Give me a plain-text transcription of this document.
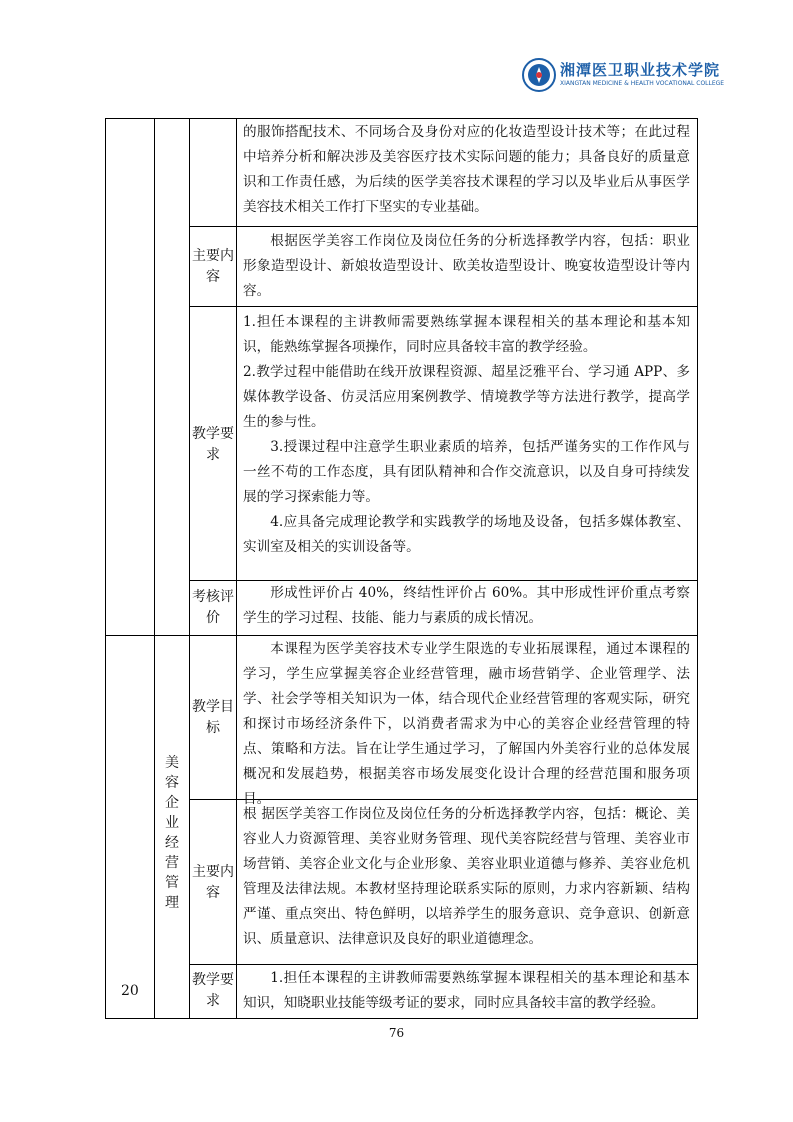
湘潭医卫职业技术学院
XIANGTAN MEDICINE & HEALTH VOCATIONAL COLLEGE

的服饰搭配技术、不同场合及身份对应的化妆造型设计技术等；在此过程中培养分析和解决涉及美容医疗技术实际问题的能力；具备良好的质量意识和工作责任感，为后续的医学美容技术课程的学习以及毕业后从事医学美容技术相关工作打下坚实的专业基础。

主要内容

根据医学美容工作岗位及岗位任务的分析选择教学内容，包括：职业形象造型设计、新娘妆造型设计、欧美妆造型设计、晚宴妆造型设计等内容。

教学要求

1.担任本课程的主讲教师需要熟练掌握本课程相关的基本理论和基本知识，能熟练掌握各项操作，同时应具备较丰富的教学经验。

2.教学过程中能借助在线开放课程资源、超星泛雅平台、学习通 APP、多媒体教学设备、仿灵活应用案例教学、情境教学等方法进行教学，提高学生的参与性。

3.授课过程中注意学生职业素质的培养，包括严谨务实的工作作风与一丝不苟的工作态度，具有团队精神和合作交流意识，以及自身可持续发展的学习探索能力等。

4.应具备完成理论教学和实践教学的场地及设备，包括多媒体教室、实训室及相关的实训设备等。

考核评价

形成性评价占 40%，终结性评价占 60%。其中形成性评价重点考察学生的学习过程、技能、能力与素质的成长情况。

20
美容企业经营管理
教学目标

本课程为医学美容技术专业学生限选的专业拓展课程，通过本课程的学习，学生应掌握美容企业经营管理，融市场营销学、企业管理学、法学、社会学等相关知识为一体，结合现代企业经营管理的客观实际，研究和探讨市场经济条件下，以消费者需求为中心的美容企业经营管理的特点、策略和方法。旨在让学生通过学习，了解国内外美容行业的总体发展概况和发展趋势，根据美容市场发展变化设计合理的经营范围和服务项目。

主要内容

根 据医学美容工作岗位及岗位任务的分析选择教学内容，包括：概论、美容业人力资源管理、美容业财务管理、现代美容院经营与管理、美容业市场营销、美容企业文化与企业形象、美容业职业道德与修养、美容业危机管理及法律法规。本教材坚持理论联系实际的原则，力求内容新颖、结构严谨、重点突出、特色鲜明，以培养学生的服务意识、竞争意识、创新意识、质量意识、法律意识及良好的职业道德理念。

教学要求

1.担任本课程的主讲教师需要熟练掌握本课程相关的基本理论和基本知识，知晓职业技能等级考证的要求，同时应具备较丰富的教学经验。

76
